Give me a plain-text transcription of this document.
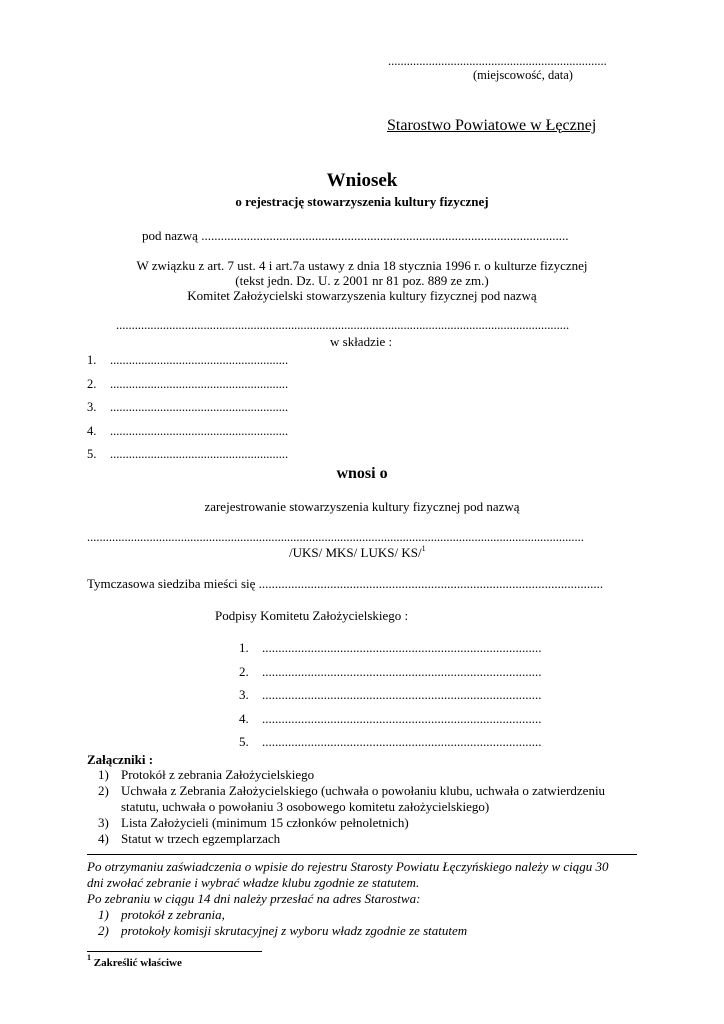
......................................................................
(miejscowość, data)
Starostwo Powiatowe w Łęcznej
Wniosek
o rejestrację stowarzyszenia kultury fizycznej
pod nazwą .................................................................................................................
W związku z art. 7 ust. 4 i art.7a ustawy z dnia 18 stycznia 1996 r. o kulturze fizycznej
(tekst jedn. Dz. U. z 2001 nr 81 poz. 889 ze zm.)
Komitet Założycielski stowarzyszenia kultury fizycznej pod nazwą
.................................................................................................................................................
w składzie :
1. .........................................................
2. .........................................................
3. .........................................................
4. .........................................................
5. .........................................................
wnosi o
zarejestrowanie stowarzyszenia kultury fizycznej pod nazwą
...............................................................................................................................................................
/UKS/ MKS/ LUKS/ KS/$^1$
Tymczasowa siedziba mieści się ..........................................................................................................
Podpisy Komitetu Założycielskiego :
1. ......................................................................................
2. ......................................................................................
3. ......................................................................................
4. ......................................................................................
5. ......................................................................................
Załączniki :
1) Protokół z zebrania Założycielskiego
2) Uchwała z Zebrania Założycielskiego (uchwała o powołaniu klubu, uchwała o zatwierdzeniu
statutu, uchwała o powołaniu 3 osobowego komitetu założycielskiego)
3) Lista Założycieli (minimum 15 członków pełnoletnich)
4) Statut w trzech egzemplarzach
Po otrzymaniu zaświadczenia o wpisie do rejestru Starosty Powiatu Łęczyńskiego należy w ciągu 30
dni zwołać zebranie i wybrać władze klubu zgodnie ze statutem.
Po zebraniu w ciągu 14 dni należy przesłać na adres Starostwa:
1) protokół z zebrania,
2) protokoły komisji skrutacyjnej z wyboru władz zgodnie ze statutem
$^1$ Zakreślić właściwe
